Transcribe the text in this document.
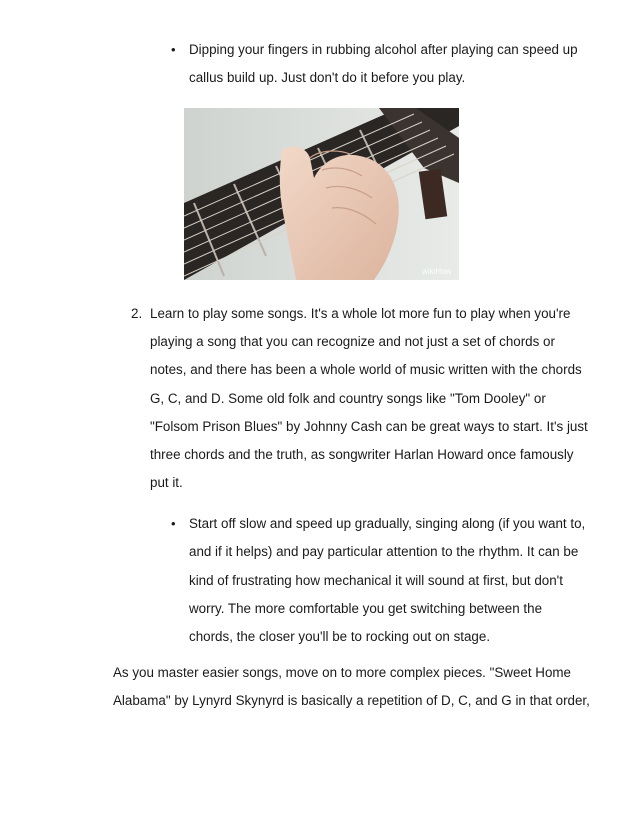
• Dipping your fingers in rubbing alcohol after playing can speed up
callus build up. Just don't do it before you play.
wikiHow
2. Learn to play some songs. It's a whole lot more fun to play when you're
playing a song that you can recognize and not just a set of chords or
notes, and there has been a whole world of music written with the chords
G, C, and D. Some old folk and country songs like "Tom Dooley" or
"Folsom Prison Blues" by Johnny Cash can be great ways to start. It's just
three chords and the truth, as songwriter Harlan Howard once famously
put it.
• Start off slow and speed up gradually, singing along (if you want to,
and if it helps) and pay particular attention to the rhythm. It can be
kind of frustrating how mechanical it will sound at first, but don't
worry. The more comfortable you get switching between the
chords, the closer you'll be to rocking out on stage.
As you master easier songs, move on to more complex pieces. "Sweet Home
Alabama" by Lynyrd Skynyrd is basically a repetition of D, C, and G in that order,
